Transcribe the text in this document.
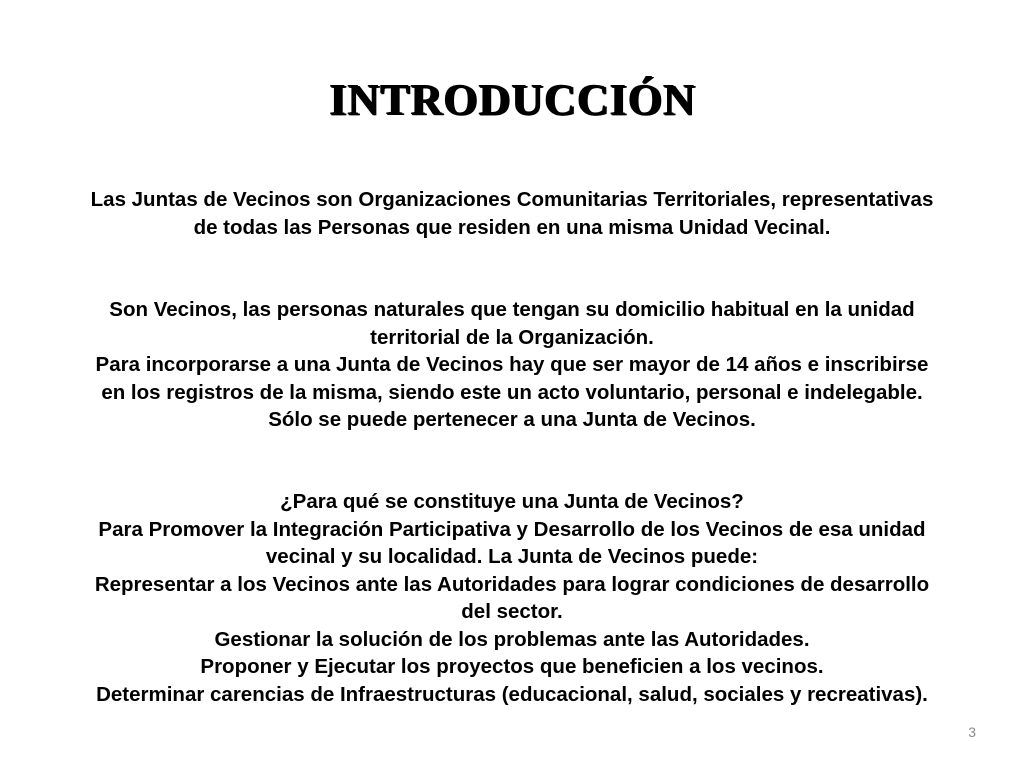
INTRODUCCIÓN

Las Juntas de Vecinos son Organizaciones Comunitarias Territoriales, representativas

de todas las Personas que residen en una misma Unidad Vecinal.

Son Vecinos, las personas naturales que tengan su domicilio habitual en la unidad

territorial de la Organización.

Para incorporarse a una Junta de Vecinos hay que ser mayor de 14 años e inscribirse

en los registros de la misma, siendo este un acto voluntario, personal e indelegable.

Sólo se puede pertenecer a una Junta de Vecinos.

¿Para qué se constituye una Junta de Vecinos?

Para Promover la Integración Participativa y Desarrollo de los Vecinos de esa unidad

vecinal y su localidad. La Junta de Vecinos puede:

Representar a los Vecinos ante las Autoridades para lograr condiciones de desarrollo

del sector.

Gestionar la solución de los problemas ante las Autoridades.

Proponer y Ejecutar los proyectos que beneficien a los vecinos.

Determinar carencias de Infraestructuras (educacional, salud, sociales y recreativas).

3
